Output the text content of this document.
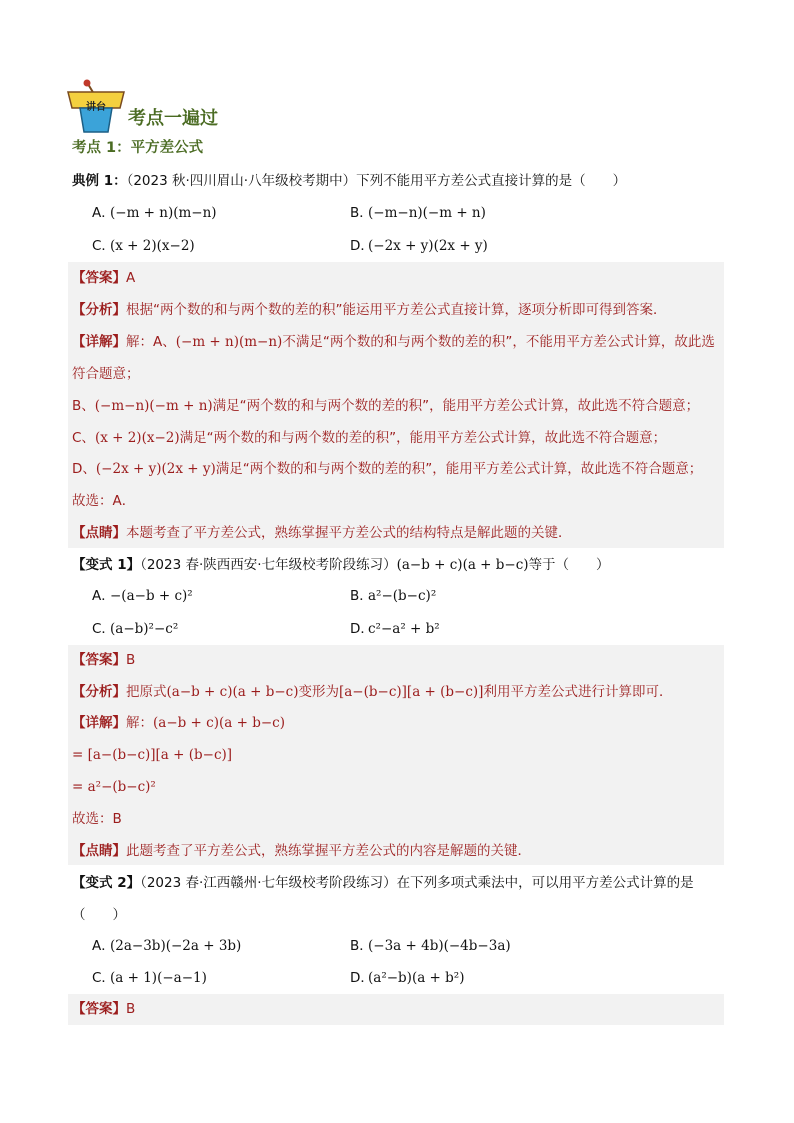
讲台
考点一遍过
考点 1：平方差公式
典例 1：（2023 秋·四川眉山·八年级校考期中）下列不能用平方差公式直接计算的是（　　）
A．(−m + n)(m−n)	B．(−m−n)(−m + n)
C．(x + 2)(x−2)	D．(−2x + y)(2x + y)
【答案】A
【分析】根据“两个数的和与两个数的差的积”能运用平方差公式直接计算，逐项分析即可得到答案．
【详解】解：A、(−m + n)(m−n)不满足“两个数的和与两个数的差的积”，不能用平方差公式计算，故此选
符合题意；
B、(−m−n)(−m + n)满足“两个数的和与两个数的差的积”，能用平方差公式计算，故此选不符合题意；
C、(x + 2)(x−2)满足“两个数的和与两个数的差的积”，能用平方差公式计算，故此选不符合题意；
D、(−2x + y)(2x + y)满足“两个数的和与两个数的差的积”，能用平方差公式计算，故此选不符合题意；
故选：A．
【点睛】本题考查了平方差公式，熟练掌握平方差公式的结构特点是解此题的关键．
【变式 1】（2023 春·陕西西安·七年级校考阶段练习）(a−b + c)(a + b−c)等于（　　）
A．−(a−b + c)²	B．a²−(b−c)²
C．(a−b)²−c²	D．c²−a² + b²
【答案】B
【分析】把原式(a−b + c)(a + b−c)变形为[a−(b−c)][a + (b−c)]利用平方差公式进行计算即可．
【详解】解：(a−b + c)(a + b−c)
= [a−(b−c)][a + (b−c)]
= a²−(b−c)²
故选：B
【点睛】此题考查了平方差公式，熟练掌握平方差公式的内容是解题的关键．
【变式 2】（2023 春·江西赣州·七年级校考阶段练习）在下列多项式乘法中，可以用平方差公式计算的是
（　　）
A．(2a−3b)(−2a + 3b)	B．(−3a + 4b)(−4b−3a)
C．(a + 1)(−a−1)	D．(a²−b)(a + b²)
【答案】B
